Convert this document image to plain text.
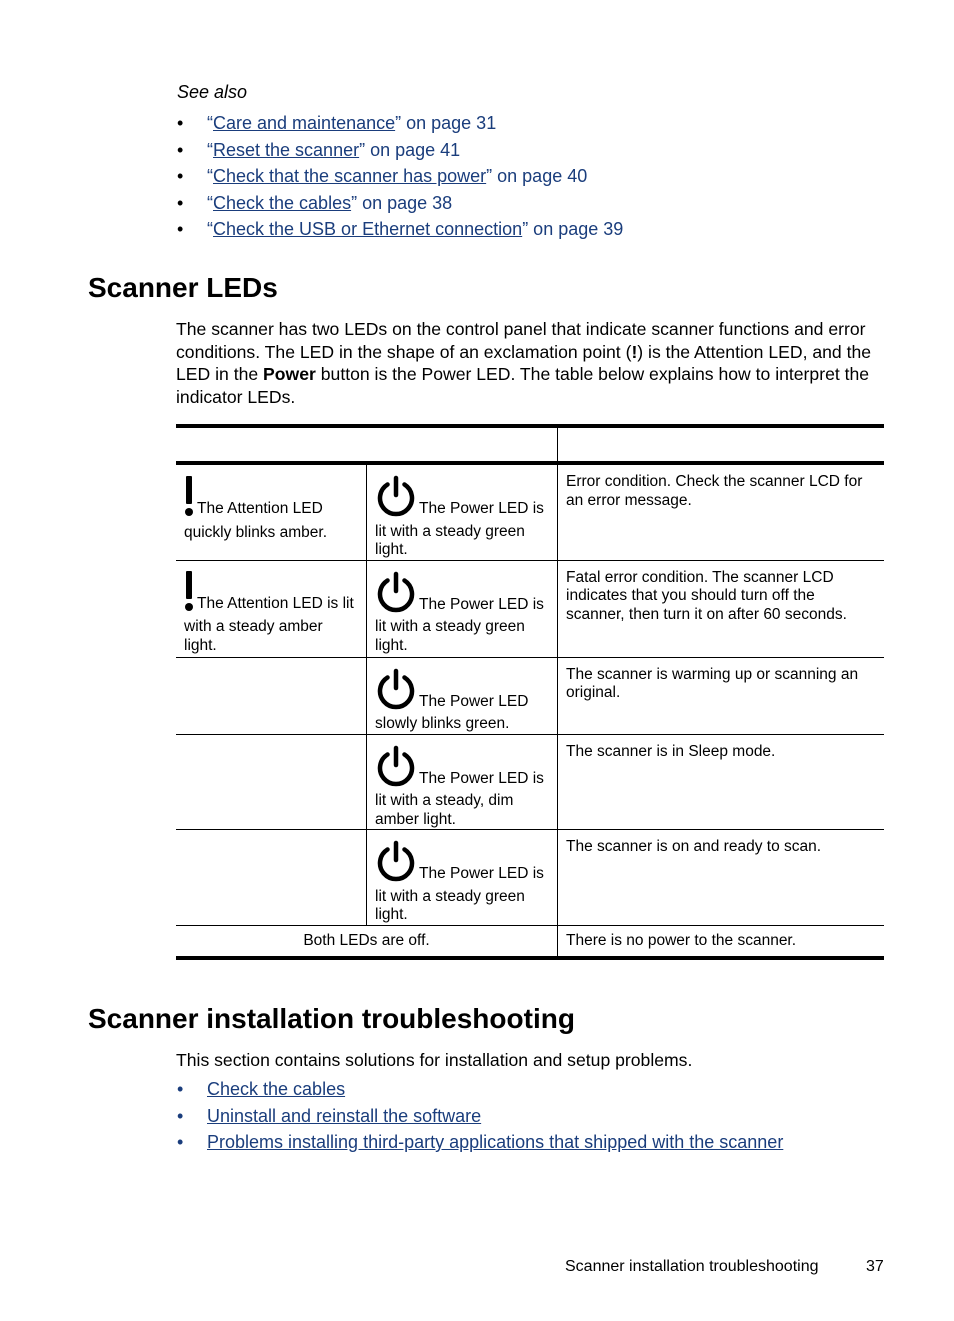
See also
• “Care and maintenance” on page 31
• “Reset the scanner” on page 41
• “Check that the scanner has power” on page 40
• “Check the cables” on page 38
• “Check the USB or Ethernet connection” on page 39
Scanner LEDs

The scanner has two LEDs on the control panel that indicate scanner functions and error conditions. The LED in the shape of an exclamation point (!) is the Attention LED, and the LED in the Power button is the Power LED. The table below explains how to interpret the indicator LEDs.

The Attention LED quickly blinks amber.	The Power LED is lit with a steady green light.	Error condition. Check the scanner LCD for an error message.

The Attention LED is lit with a steady amber light.	The Power LED is lit with a steady green light.	Fatal error condition. The scanner LCD indicates that you should turn off the scanner, then turn it on after 60 seconds.

	The Power LED slowly blinks green.	The scanner is warming up or scanning an original.

	The Power LED is lit with a steady, dim amber light.	The scanner is in Sleep mode.

	The Power LED is lit with a steady green light.	The scanner is on and ready to scan.

Both LEDs are off.		There is no power to the scanner.
Scanner installation troubleshooting

This section contains solutions for installation and setup problems.

• Check the cables
• Uninstall and reinstall the software
• Problems installing third-party applications that shipped with the scanner
Scanner installation troubleshooting	37
